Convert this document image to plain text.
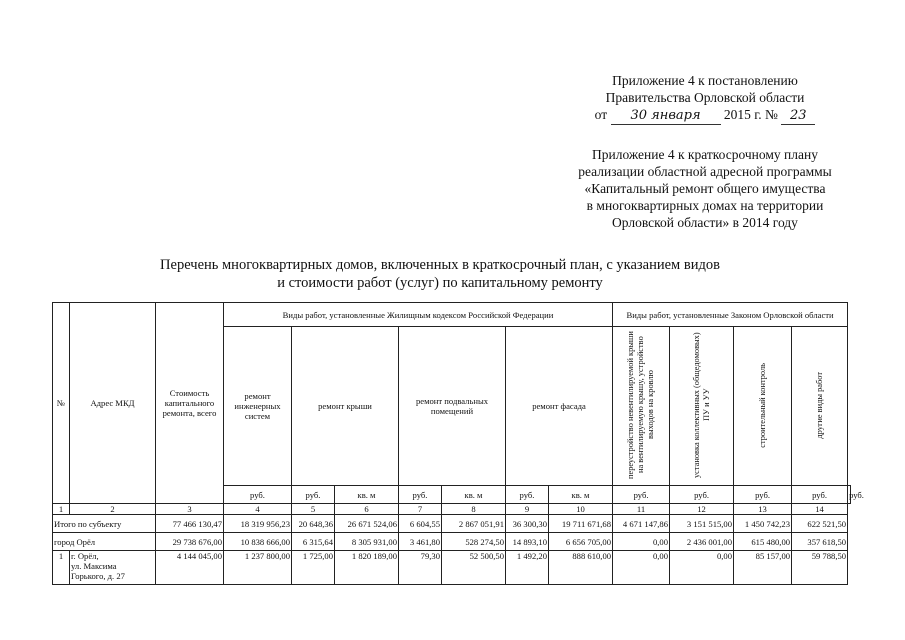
Приложение 4 к постановлению
Правительства Орловской области
от 30 января 2015 г. № 23
Приложение 4 к краткосрочному плану
реализации областной адресной программы
«Капитальный ремонт общего имущества
в многоквартирных домах на территории
Орловской области» в 2014 году
Перечень многоквартирных домов, включенных в краткосрочный план, с указанием видов
и стоимости работ (услуг) по капитальному ремонту
№	Адрес МКД	Стоимость капитального ремонта, всего	Виды работ, установленные Жилищным кодексом Российской Федерации							Виды работ, установленные Законом Орловской области				
			ремонт инженерных систем	ремонт крыши		ремонт подвальных помещений		ремонт фасада		переустройство невентилируемой крыши на вентилируемую крышу, устройство выходов на кровлю	установка коллективных (общедомовых) ПУ и УУ	строительный контроль	другие виды работ	
			руб.	руб.	кв. м	руб.	кв. м	руб.	кв. м	руб.	руб.	руб.	руб.	руб.
1	2	3	4	5	6	7	8	9	10	11	12	13	14	
Итого по субъекту		77 466 130,47	18 319 956,23	20 648,36	26 671 524,06	6 604,55	2 867 051,91	36 300,30	19 711 671,68	4 671 147,86	3 151 515,00	1 450 742,23	622 521,50	
город Орёл		29 738 676,00	10 838 666,00	6 315,64	8 305 931,00	3 461,80	528 274,50	14 893,10	6 656 705,00	0,00	2 436 001,00	615 480,00	357 618,50	
1	г. Орёл,
ул. Максима
Горького, д. 27	4 144 045,00	1 237 800,00	1 725,00	1 820 189,00	79,30	52 500,50	1 492,20	888 610,00	0,00	0,00	85 157,00	59 788,50	
